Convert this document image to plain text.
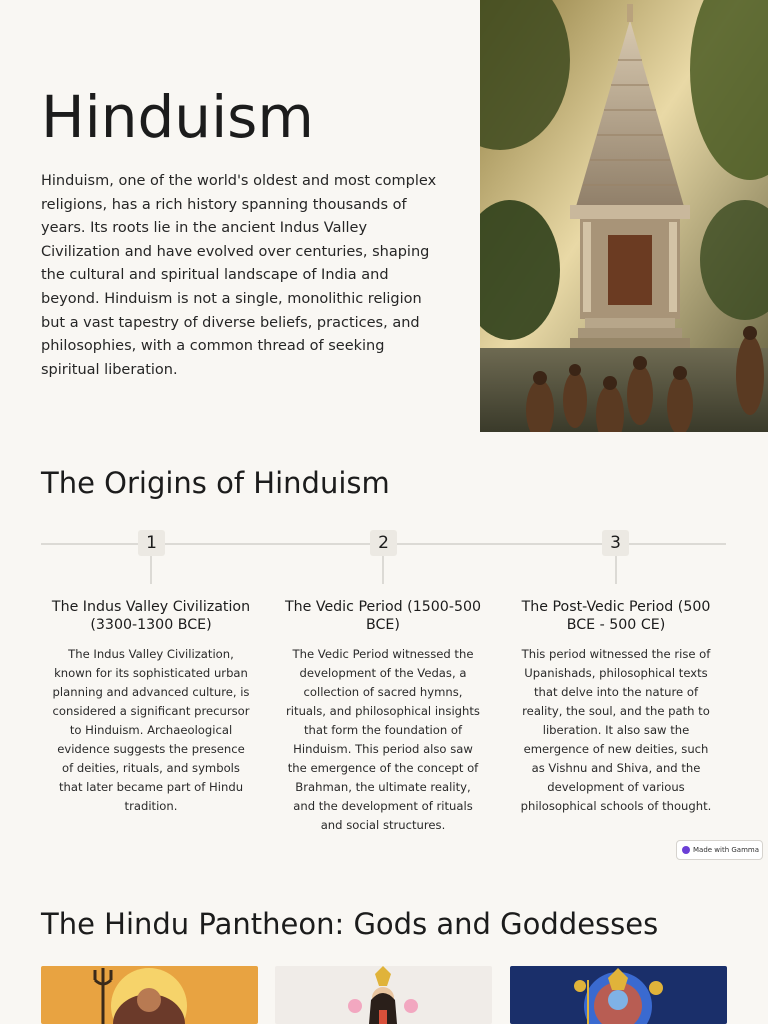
Hinduism

Hinduism, one of the world's oldest and most complex religions, has a rich history spanning thousands of years. Its roots lie in the ancient Indus Valley Civilization and have evolved over centuries, shaping the cultural and spiritual landscape of India and beyond. Hinduism is not a single, monolithic religion but a vast tapestry of diverse beliefs, practices, and philosophies, with a common thread of seeking spiritual liberation.

The Origins of Hinduism
1
The Indus Valley Civilization (3300-1300 BCE)
The Indus Valley Civilization, known for its sophisticated urban planning and advanced culture, is considered a significant precursor to Hinduism. Archaeological evidence suggests the presence of deities, rituals, and symbols that later became part of Hindu tradition.
2
The Vedic Period (1500-500 BCE)
The Vedic Period witnessed the development of the Vedas, a collection of sacred hymns, rituals, and philosophical insights that form the foundation of Hinduism. This period also saw the emergence of the concept of Brahman, the ultimate reality, and the development of rituals and social structures.
3
The Post-Vedic Period (500 BCE - 500 CE)
This period witnessed the rise of Upanishads, philosophical texts that delve into the nature of reality, the soul, and the path to liberation. It also saw the emergence of new deities, such as Vishnu and Shiva, and the development of various philosophical schools of thought.
Made with Gamma
The Hindu Pantheon: Gods and Goddesses
